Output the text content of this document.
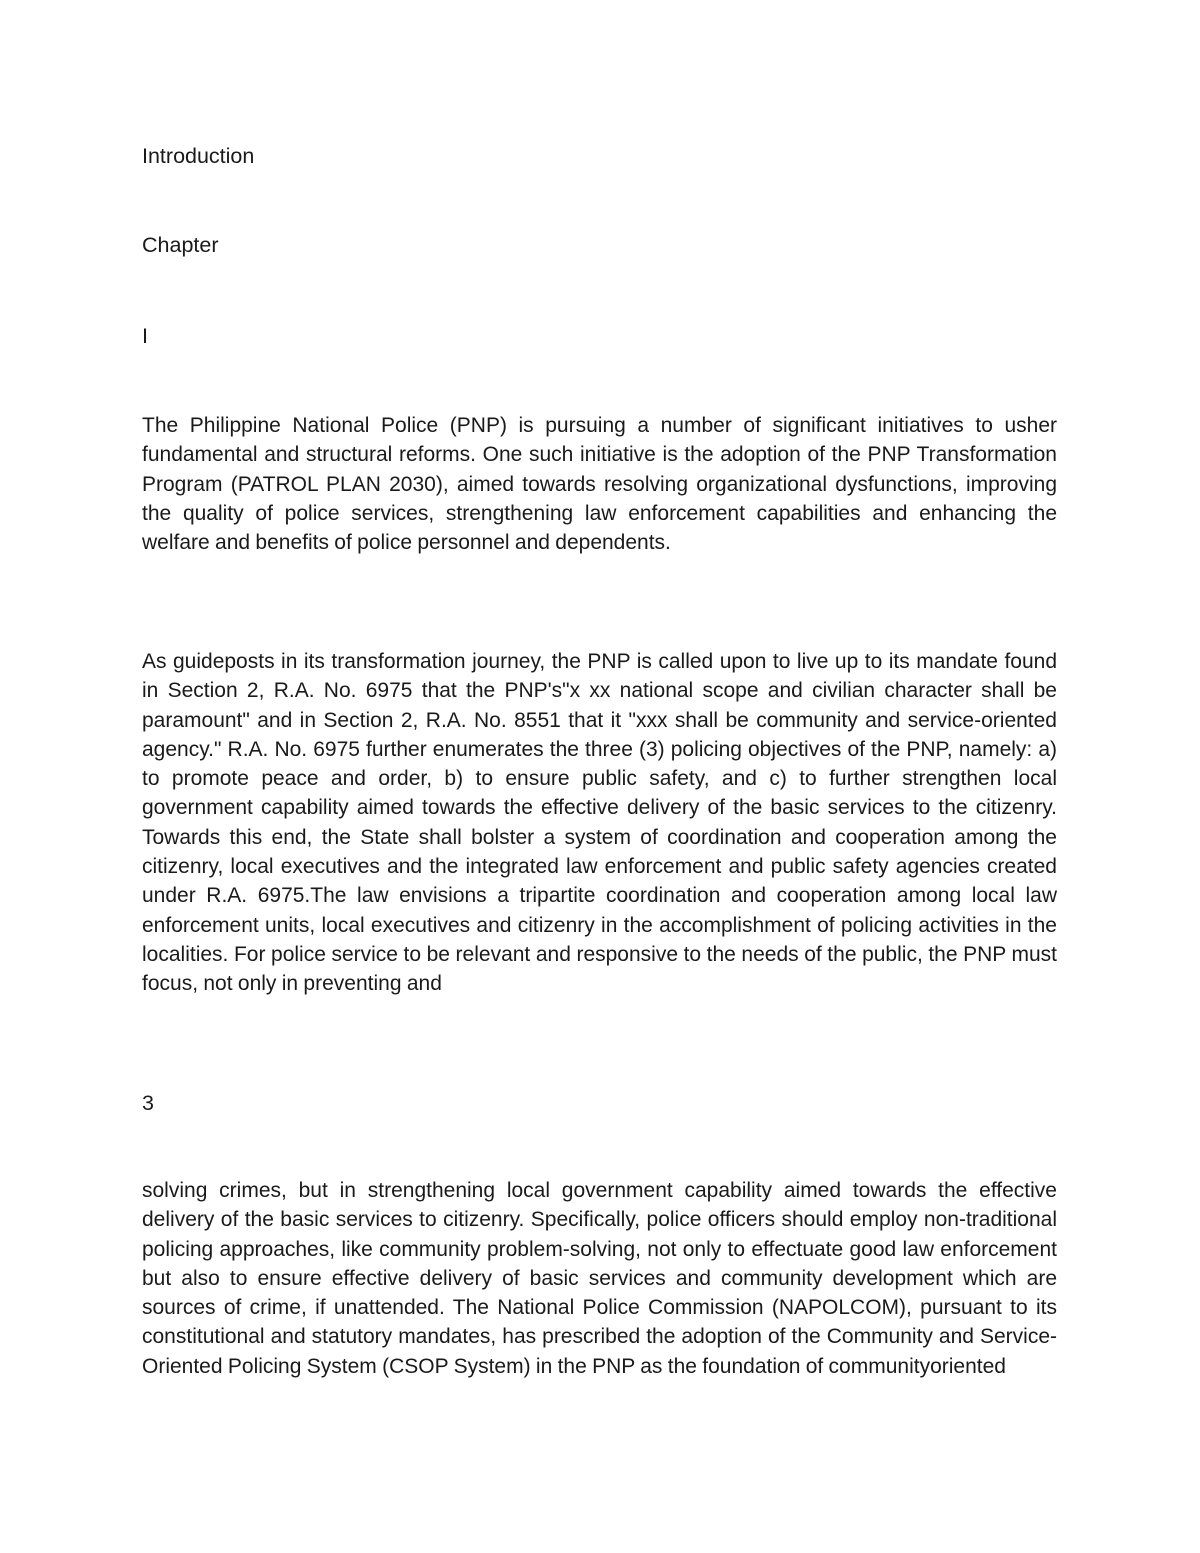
Introduction

Chapter

I

The Philippine National Police (PNP) is pursuing a number of significant initiatives to usher fundamental and structural reforms. One such initiative is the adoption of the PNP Transformation Program (PATROL PLAN 2030), aimed towards resolving organizational dysfunctions, improving the quality of police services, strengthening law enforcement capabilities and enhancing the welfare and benefits of police personnel and dependents.

As guideposts in its transformation journey, the PNP is called upon to live up to its mandate found in Section 2, R.A. No. 6975 that the PNP's"x xx national scope and civilian character shall be paramount" and in Section 2, R.A. No. 8551 that it "xxx shall be community and service-oriented agency." R.A. No. 6975 further enumerates the three (3) policing objectives of the PNP, namely: a) to promote peace and order, b) to ensure public safety, and c) to further strengthen local government capability aimed towards the effective delivery of the basic services to the citizenry. Towards this end, the State shall bolster a system of coordination and cooperation among the citizenry, local executives and the integrated law enforcement and public safety agencies created under R.A. 6975.The law envisions a tripartite coordination and cooperation among local law enforcement units, local executives and citizenry in the accomplishment of policing activities in the localities. For police service to be relevant and responsive to the needs of the public, the PNP must focus, not only in preventing and

3

solving crimes, but in strengthening local government capability aimed towards the effective delivery of the basic services to citizenry. Specifically, police officers should employ non-traditional policing approaches, like community problem-solving, not only to effectuate good law enforcement but also to ensure effective delivery of basic services and community development which are sources of crime, if unattended. The National Police Commission (NAPOLCOM), pursuant to its constitutional and statutory mandates, has prescribed the adoption of the Community and Service- Oriented Policing System (CSOP System) in the PNP as the foundation of communityoriented
